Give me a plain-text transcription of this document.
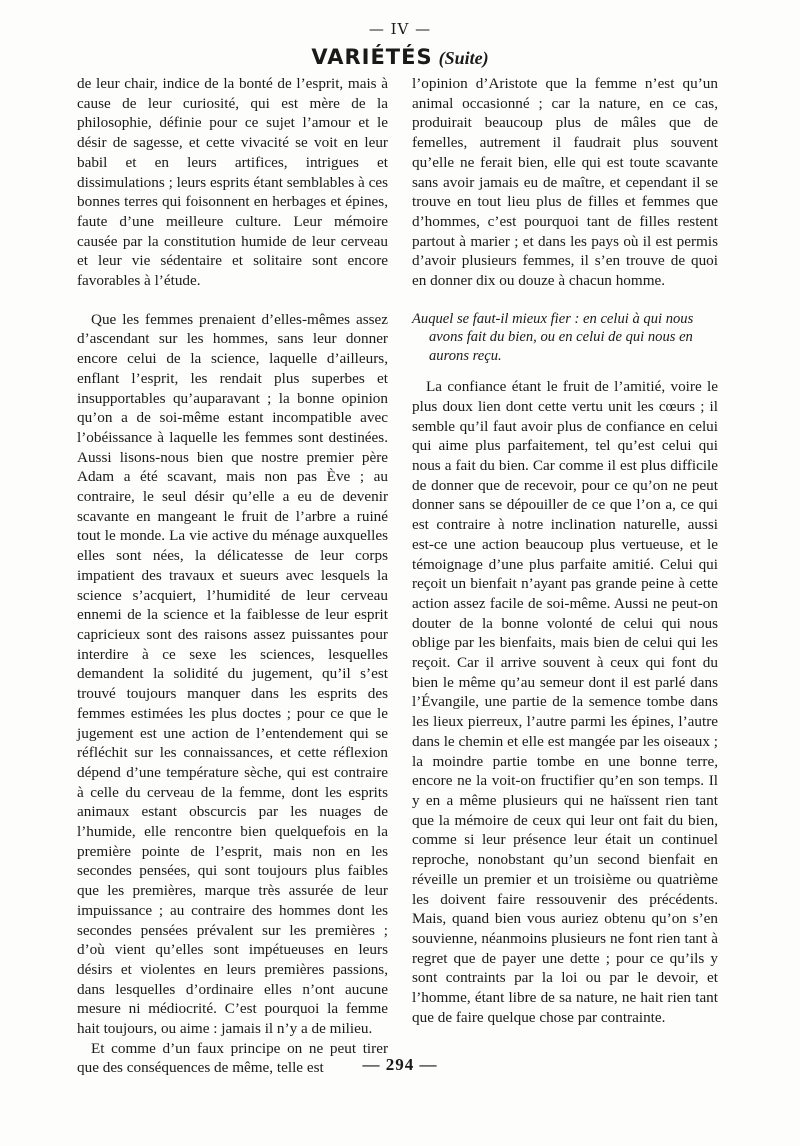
— IV —
VARIÉTÉS (Suite)

de leur chair, indice de la bonté de l’esprit, mais à cause de leur curiosité, qui est mère de la philosophie, définie pour ce sujet l’amour et le désir de sagesse, et cette vivacité se voit en leur babil et en leurs artifices, intrigues et dissimulations ; leurs esprits étant semblables à ces bonnes terres qui foisonnent en herbages et épines, faute d’une meilleure culture. Leur mémoire causée par la constitution humide de leur cerveau et leur vie sédentaire et solitaire sont encore favorables à l’étude.

Que les femmes prenaient d’elles-mêmes assez d’ascendant sur les hommes, sans leur donner encore celui de la science, laquelle d’ailleurs, enflant l’esprit, les rendait plus superbes et insupportables qu’auparavant ; la bonne opinion qu’on a de soi-même estant incompatible avec l’obéissance à laquelle les femmes sont destinées. Aussi lisons-nous bien que nostre premier père Adam a été scavant, mais non pas Ève ; au contraire, le seul désir qu’elle a eu de devenir scavante en mangeant le fruit de l’arbre a ruiné tout le monde. La vie active du ménage auxquelles elles sont nées, la délicatesse de leur corps impatient des travaux et sueurs avec lesquels la science s’acquiert, l’humidité de leur cerveau ennemi de la science et la faiblesse de leur esprit capricieux sont des raisons assez puissantes pour interdire à ce sexe les sciences, lesquelles demandent la solidité du jugement, qu’il s’est trouvé toujours manquer dans les esprits des femmes estimées les plus doctes ; pour ce que le jugement est une action de l’entendement qui se réfléchit sur les connaissances, et cette réflexion dépend d’une température sèche, qui est contraire à celle du cerveau de la femme, dont les esprits animaux estant obscurcis par les nuages de l’humide, elle rencontre bien quelquefois en la première pointe de l’esprit, mais non en les secondes pensées, qui sont toujours plus faibles que les premières, marque très assurée de leur impuissance ; au contraire des hommes dont les secondes pensées prévalent sur les premières ; d’où vient qu’elles sont impétueuses en leurs désirs et violentes en leurs premières passions, dans lesquelles d’ordinaire elles n’ont aucune mesure ni médiocrité. C’est pourquoi la femme hait toujours, ou aime : jamais il n’y a de milieu.

Et comme d’un faux principe on ne peut tirer que des conséquences de même, telle est

l’opinion d’Aristote que la femme n’est qu’un animal occasionné ; car la nature, en ce cas, produirait beaucoup plus de mâles que de femelles, autrement il faudrait plus souvent qu’elle ne ferait bien, elle qui est toute scavante sans avoir jamais eu de maître, et cependant il se trouve en tout lieu plus de filles et femmes que d’hommes, c’est pourquoi tant de filles restent partout à marier ; et dans les pays où il est permis d’avoir plusieurs femmes, il s’en trouve de quoi en donner dix ou douze à chacun homme.

Auquel se faut-il mieux fier : en celui à qui nous
avons fait du bien, ou en celui de qui nous en
aurons reçu.

La confiance étant le fruit de l’amitié, voire le plus doux lien dont cette vertu unit les cœurs ; il semble qu’il faut avoir plus de confiance en celui qui aime plus parfaitement, tel qu’est celui qui nous a fait du bien. Car comme il est plus difficile de donner que de recevoir, pour ce qu’on ne peut donner sans se dépouiller de ce que l’on a, ce qui est contraire à notre inclination naturelle, aussi est-ce une action beaucoup plus vertueuse, et le témoignage d’une plus parfaite amitié. Celui qui reçoit un bienfait n’ayant pas grande peine à cette action assez facile de soi-même. Aussi ne peut-on douter de la bonne volonté de celui qui nous oblige par les bienfaits, mais bien de celui qui les reçoit. Car il arrive souvent à ceux qui font du bien le même qu’au semeur dont il est parlé dans l’Évangile, une partie de la semence tombe dans les lieux pierreux, l’autre parmi les épines, l’autre dans le chemin et elle est mangée par les oiseaux ; la moindre partie tombe en une bonne terre, encore ne la voit-on fructifier qu’en son temps. Il y en a même plusieurs qui ne haïssent rien tant que la mémoire de ceux qui leur ont fait du bien, comme si leur présence leur était un continuel reproche, nonobstant qu’un second bienfait en réveille un premier et un troisième ou quatrième les doivent faire ressouvenir des précédents. Mais, quand bien vous auriez obtenu qu’on s’en souvienne, néanmoins plusieurs ne font rien tant à regret que de payer une dette ; pour ce qu’ils y sont contraints par la loi ou par le devoir, et l’homme, étant libre de sa nature, ne hait rien tant que de faire quelque chose par contrainte.

— 294 —
